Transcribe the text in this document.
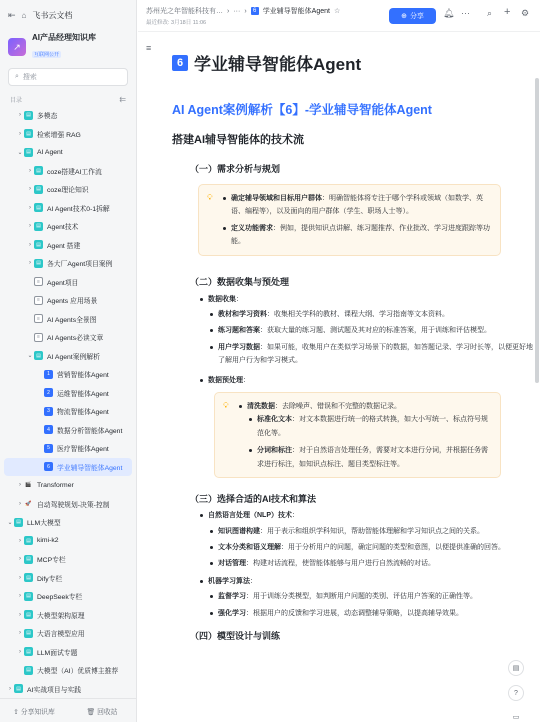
⇤ ⌂ 飞书云文档
↗
AI产品经理知识库
互联网公开
⌕ 搜索
目录	⇇
›	▤ 多模态
›	▤ 检索增强 RAG
⌄ ▤ AI Agent
›	▤ coze搭建AI工作流
›	▤ coze理论知识
›	▤ AI Agent技术0-1拆解
›	▤ Agent技术
›	▤ Agent 搭建
›	▤ 各大厂Agent项目案例
≡	Agent项目
≡	Agents 应用场景
≡	AI Agents全景图
≡	AI Agents必读文章
⌄ ▤ AI Agent案例解析
1	营销智能体Agent
2	运维智能体Agent
3	物流智能体Agent
4	数据分析智能体Agent
5	医疗智能体Agent
6	学业辅导智能体Agent
› 🎬 Transformer
› 🚀 自动驾驶规划-决策-控制
⌄ ▤ LLM大模型
›	▤ kimi-k2
›	▤ MCP专栏
›	▤ Dify专栏
›	▤ DeepSeek专栏
›	▤ 大模型架构原理
›	▤ 大语言模型应用
›	▤ LLM面试专题
▤ 大模型（AI）优质博主推荐
›	▤ AI实战项目与实践
⇪ 分享知识库	🗑 回收站
苏州光之年智能科技有… › ··· ›	6 学业辅导智能体Agent ☆
最近修改: 3月18日 11:06
⊕ 分享 🔔︎ ··· ⌕ + ⚙
≡
6 学业辅导智能体Agent
AI Agent案例解析【6】-学业辅导智能体Agent
搭建AI辅导智能体的技术流
（一）需求分析与规划
💡︎	确定辅导领域和目标用户群体：明确智能体将专注于哪个学科或领域（如数学、英语、编程等），以及面向的用户群体（学生、职场人士等）。
定义功能需求：例如，提供知识点讲解、练习题推荐、作业批改、学习进度跟踪等功能。
（二）数据收集与预处理
数据收集：
教材和学习资料：收集相关学科的教材、课程大纲、学习指南等文本资料。
练习题和答案：获取大量的练习题、测试题及其对应的标准答案，用于训练和评估模型。
用户学习数据：如果可能，收集用户在类似学习场景下的数据，如答题记录、学习时长等，以便更好地了解用户行为和学习模式。
数据预处理：
💡︎	清洗数据：去除噪声、错误和不完整的数据记录。
标准化文本：对文本数据进行统一的格式转换，如大小写统一、标点符号规范化等。
分词和标注：对于自然语言处理任务，需要对文本进行分词，并根据任务需求进行标注，如知识点标注、题目类型标注等。
（三）选择合适的AI技术和算法
自然语言处理（NLP）技术：
知识图谱构建：用于表示和组织学科知识，帮助智能体理解和学习知识点之间的关系。
文本分类和语义理解：用于分析用户的问题，确定问题的类型和意图，以便提供准确的回答。
对话管理：构建对话流程，使智能体能够与用户进行自然流畅的对话。
机器学习算法：
监督学习：用于训练分类模型，如判断用户问题的类别、评估用户答案的正确性等。
强化学习：根据用户的反馈和学习进展，动态调整辅导策略，以提高辅导效果。
（四）模型设计与训练
▤
?
▭
